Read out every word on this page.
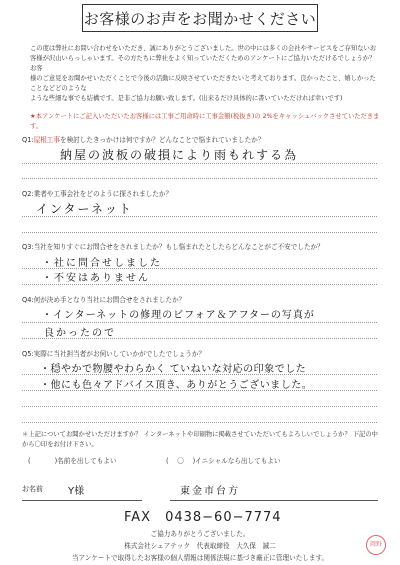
お客様のお声をお聞かせください

この度は弊社にお問い合わせをいただき、誠にありがとうございました。世の中には多くの会社やサービスをご存知ないお

客様が沢山いらっしゃいます。その方たちに弊社をよく知っていただくためのアンケートにご協力いただけるでしょうか？ お客

様のご意見をお聞かせいただくことで今後の活動に反映させていただきたいと考えております。良かったこと、嬉しかったことなどどのような

ような些細な事でも結構です。是非ご協力お願い致します。(出来るだけ具体的に書いていただければ幸いです)

★本アンケートにご記入いただいたお客様には工事ご用命時に工事金額(税抜き)の 2%をキャッシュバックさせていただきます。
Q1:屋根工事を検討したきっかけは何ですか？どんなことで悩まれていましたか？
納屋の波板の破損により雨もれする為
Q2:業者や工事会社をどのように探されましたか？
インターネット
Q3:当社を知りすぐにお問合せをされましたか？もし悩まれたとしたらどんなことがご不安でしたか？
・社に問合せしました
・不安はありません
Q4:何が決め手となり当社にお問合せをされましたか？
・インターネットの修理のビフォア＆アフターの写真が
良かったので
Q5:実際に当社担当者がお伺いしていかがでしたでしょうか？
・穏やかで物腰やわらかく ていねいな対応の印象でした
・他にも色々アドバイス頂き、ありがとうございました。
＊上記についてお聞かせいただけますか？ インターネットや印刷物に掲載させていただいてもよろしいでしょうか？ 下記の中から〇印をお付け下さい。
(	)名前を出してもよい	( 〇 )イニシャルなら出してもよい
お名前	Y様	東金市台方
FAX　0438−60−7774
ご協力ありがとうございました。
株式会社シェアテック　代表取締役　大久保　誠二
当アンケートで取得したお客様の個人情報は関係法規に基づき厳正に管理いたします。
岡野
